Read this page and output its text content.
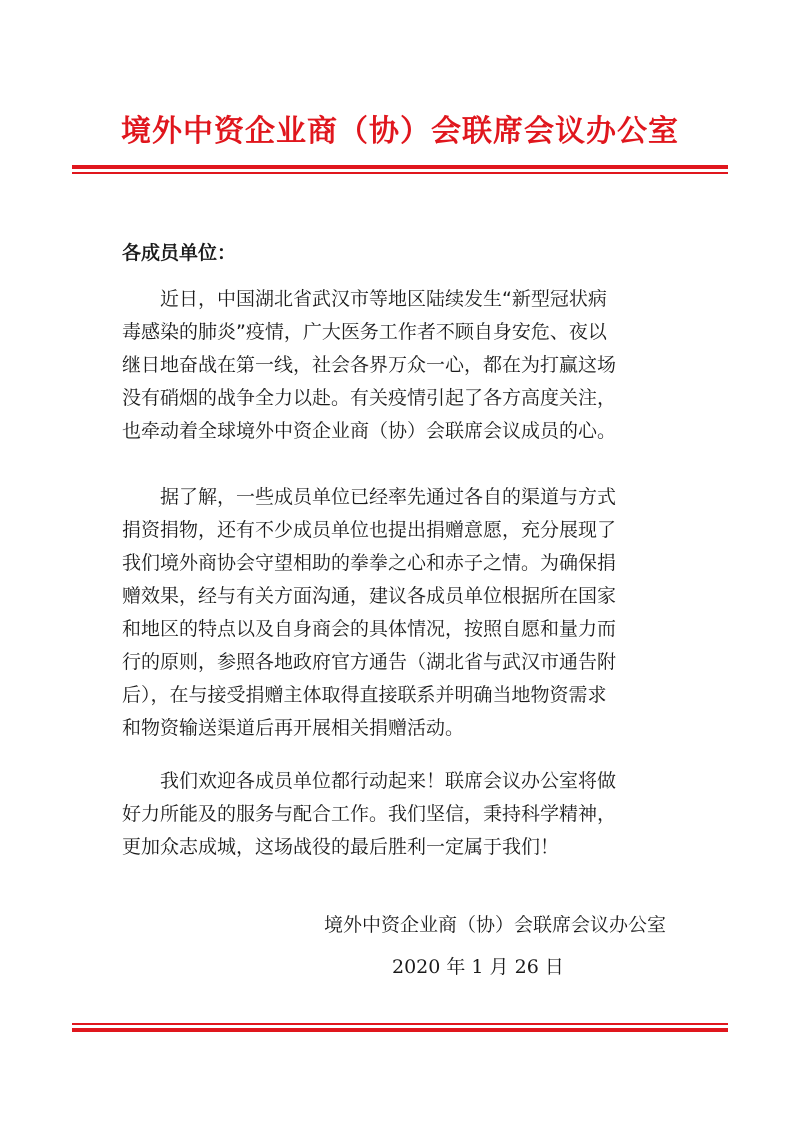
境外中资企业商（协）会联席会议办公室
各成员单位：
　　近日，中国湖北省武汉市等地区陆续发生“新型冠状病
毒感染的肺炎”疫情，广大医务工作者不顾自身安危、夜以
继日地奋战在第一线，社会各界万众一心，都在为打赢这场
没有硝烟的战争全力以赴。有关疫情引起了各方高度关注，
也牵动着全球境外中资企业商（协）会联席会议成员的心。
　　据了解，一些成员单位已经率先通过各自的渠道与方式
捐资捐物，还有不少成员单位也提出捐赠意愿，充分展现了
我们境外商协会守望相助的拳拳之心和赤子之情。为确保捐
赠效果，经与有关方面沟通，建议各成员单位根据所在国家
和地区的特点以及自身商会的具体情况，按照自愿和量力而
行的原则，参照各地政府官方通告（湖北省与武汉市通告附
后），在与接受捐赠主体取得直接联系并明确当地物资需求
和物资输送渠道后再开展相关捐赠活动。
　　我们欢迎各成员单位都行动起来！联席会议办公室将做
好力所能及的服务与配合工作。我们坚信，秉持科学精神，
更加众志成城，这场战役的最后胜利一定属于我们！
境外中资企业商（协）会联席会议办公室
2020 年 1 月 26 日
